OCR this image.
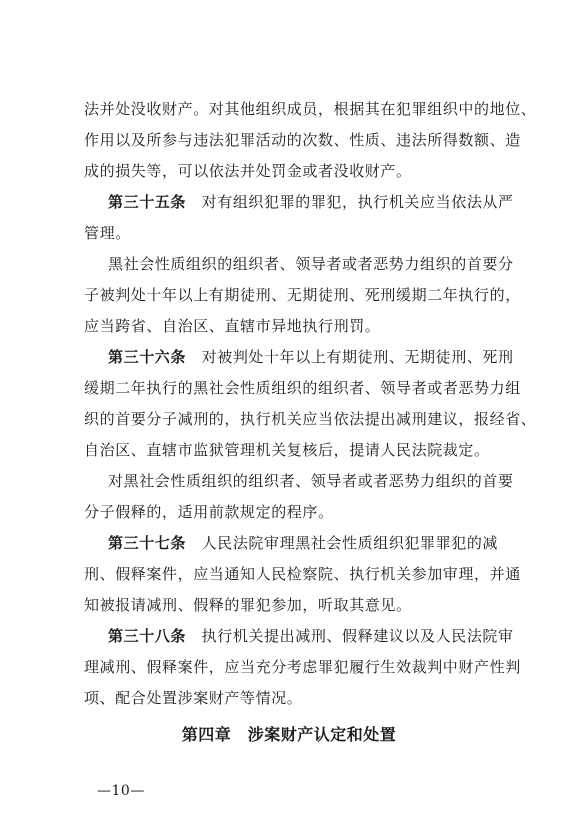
法并处没收财产。对其他组织成员，根据其在犯罪组织中的地位、
作用以及所参与违法犯罪活动的次数、性质、违法所得数额、造
成的损失等，可以依法并处罚金或者没收财产。
第三十五条　 对有组织犯罪的罪犯，执行机关应当依法从严
管理。
黑社会性质组织的组织者、领导者或者恶势力组织的首要分
子被判处十年以上有期徒刑、无期徒刑、死刑缓期二年执行的，
应当跨省、自治区、直辖市异地执行刑罚。
第三十六条　 对被判处十年以上有期徒刑、无期徒刑、死刑
缓期二年执行的黑社会性质组织的组织者、领导者或者恶势力组
织的首要分子减刑的，执行机关应当依法提出减刑建议，报经省、
自治区、直辖市监狱管理机关复核后，提请人民法院裁定。
对黑社会性质组织的组织者、领导者或者恶势力组织的首要
分子假释的，适用前款规定的程序。
第三十七条　 人民法院审理黑社会性质组织犯罪罪犯的减
刑、假释案件，应当通知人民检察院、执行机关参加审理，并通
知被报请减刑、假释的罪犯参加，听取其意见。
第三十八条　 执行机关提出减刑、假释建议以及人民法院审
理减刑、假释案件，应当充分考虑罪犯履行生效裁判中财产性判
项、配合处置涉案财产等情况。
第四章　涉案财产认定和处置
—10—
